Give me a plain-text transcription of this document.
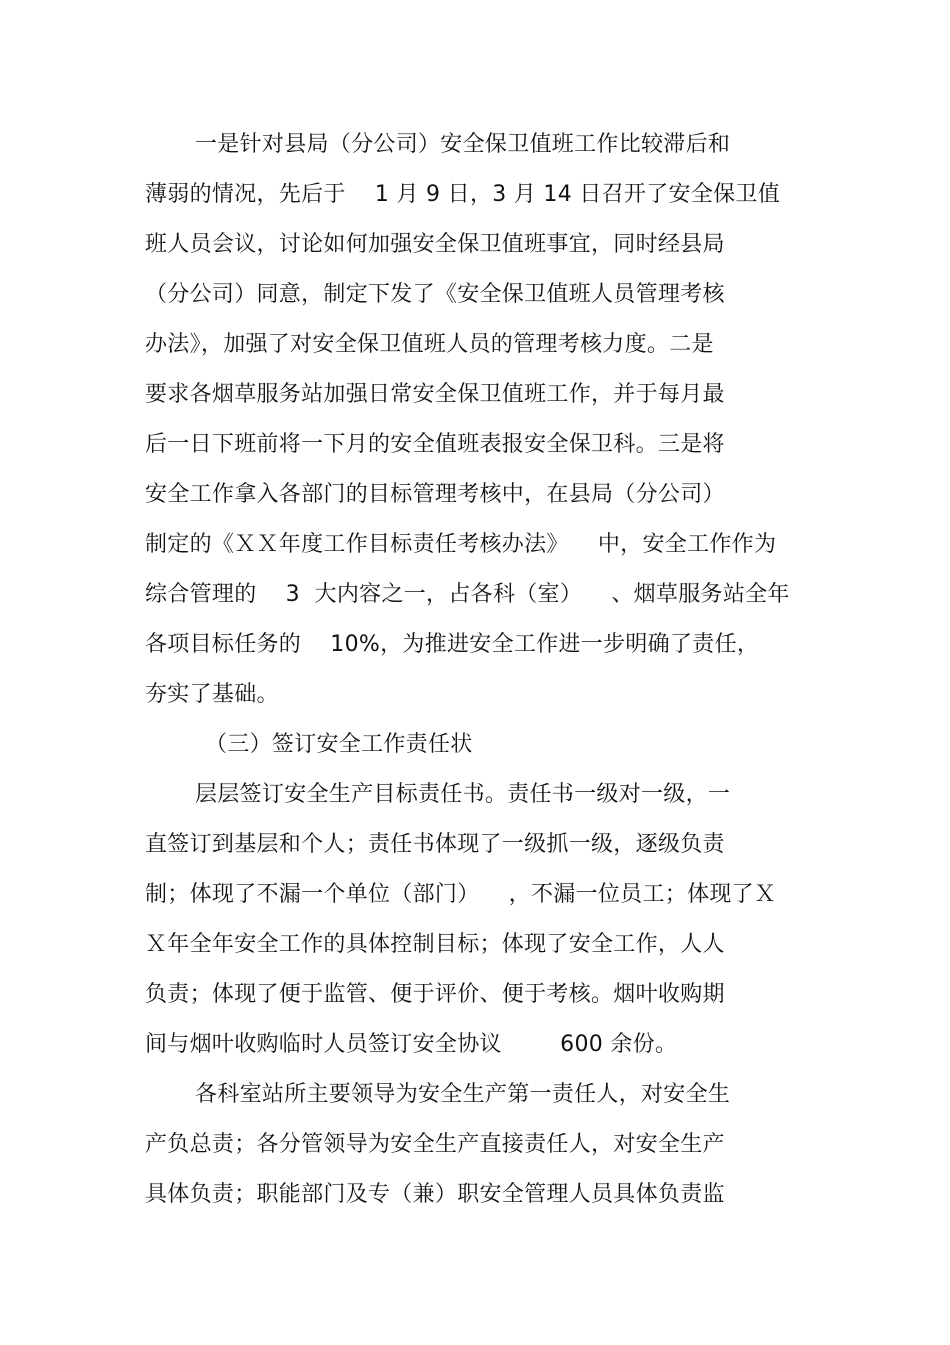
一是针对县局（分公司）安全保卫值班工作比较滞后和
薄弱的情况，先后于    1 月 9 日，3 月 14 日召开了安全保卫值
班人员会议，讨论如何加强安全保卫值班事宜，同时经县局
（分公司）同意，制定下发了《安全保卫值班人员管理考核
办法》，加强了对安全保卫值班人员的管理考核力度。二是
要求各烟草服务站加强日常安全保卫值班工作，并于每月最
后一日下班前将一下月的安全值班表报安全保卫科。三是将
安全工作拿入各部门的目标管理考核中，在县局（分公司）
制定的《ＸＸ年度工作目标责任考核办法》    中，安全工作作为
综合管理的    3  大内容之一，占各科（室）    、烟草服务站全年
各项目标任务的    10%，为推进安全工作进一步明确了责任，
夯实了基础。
（三）签订安全工作责任状
层层签订安全生产目标责任书。责任书一级对一级，一
直签订到基层和个人；责任书体现了一级抓一级，逐级负责
制；体现了不漏一个单位（部门）    ，不漏一位员工；体现了Ｘ
Ｘ年全年安全工作的具体控制目标；体现了安全工作，人人
负责；体现了便于监管、便于评价、便于考核。烟叶收购期
间与烟叶收购临时人员签订安全协议        600 余份。
各科室站所主要领导为安全生产第一责任人，对安全生
产负总责；各分管领导为安全生产直接责任人，对安全生产
具体负责；职能部门及专（兼）职安全管理人员具体负责监
